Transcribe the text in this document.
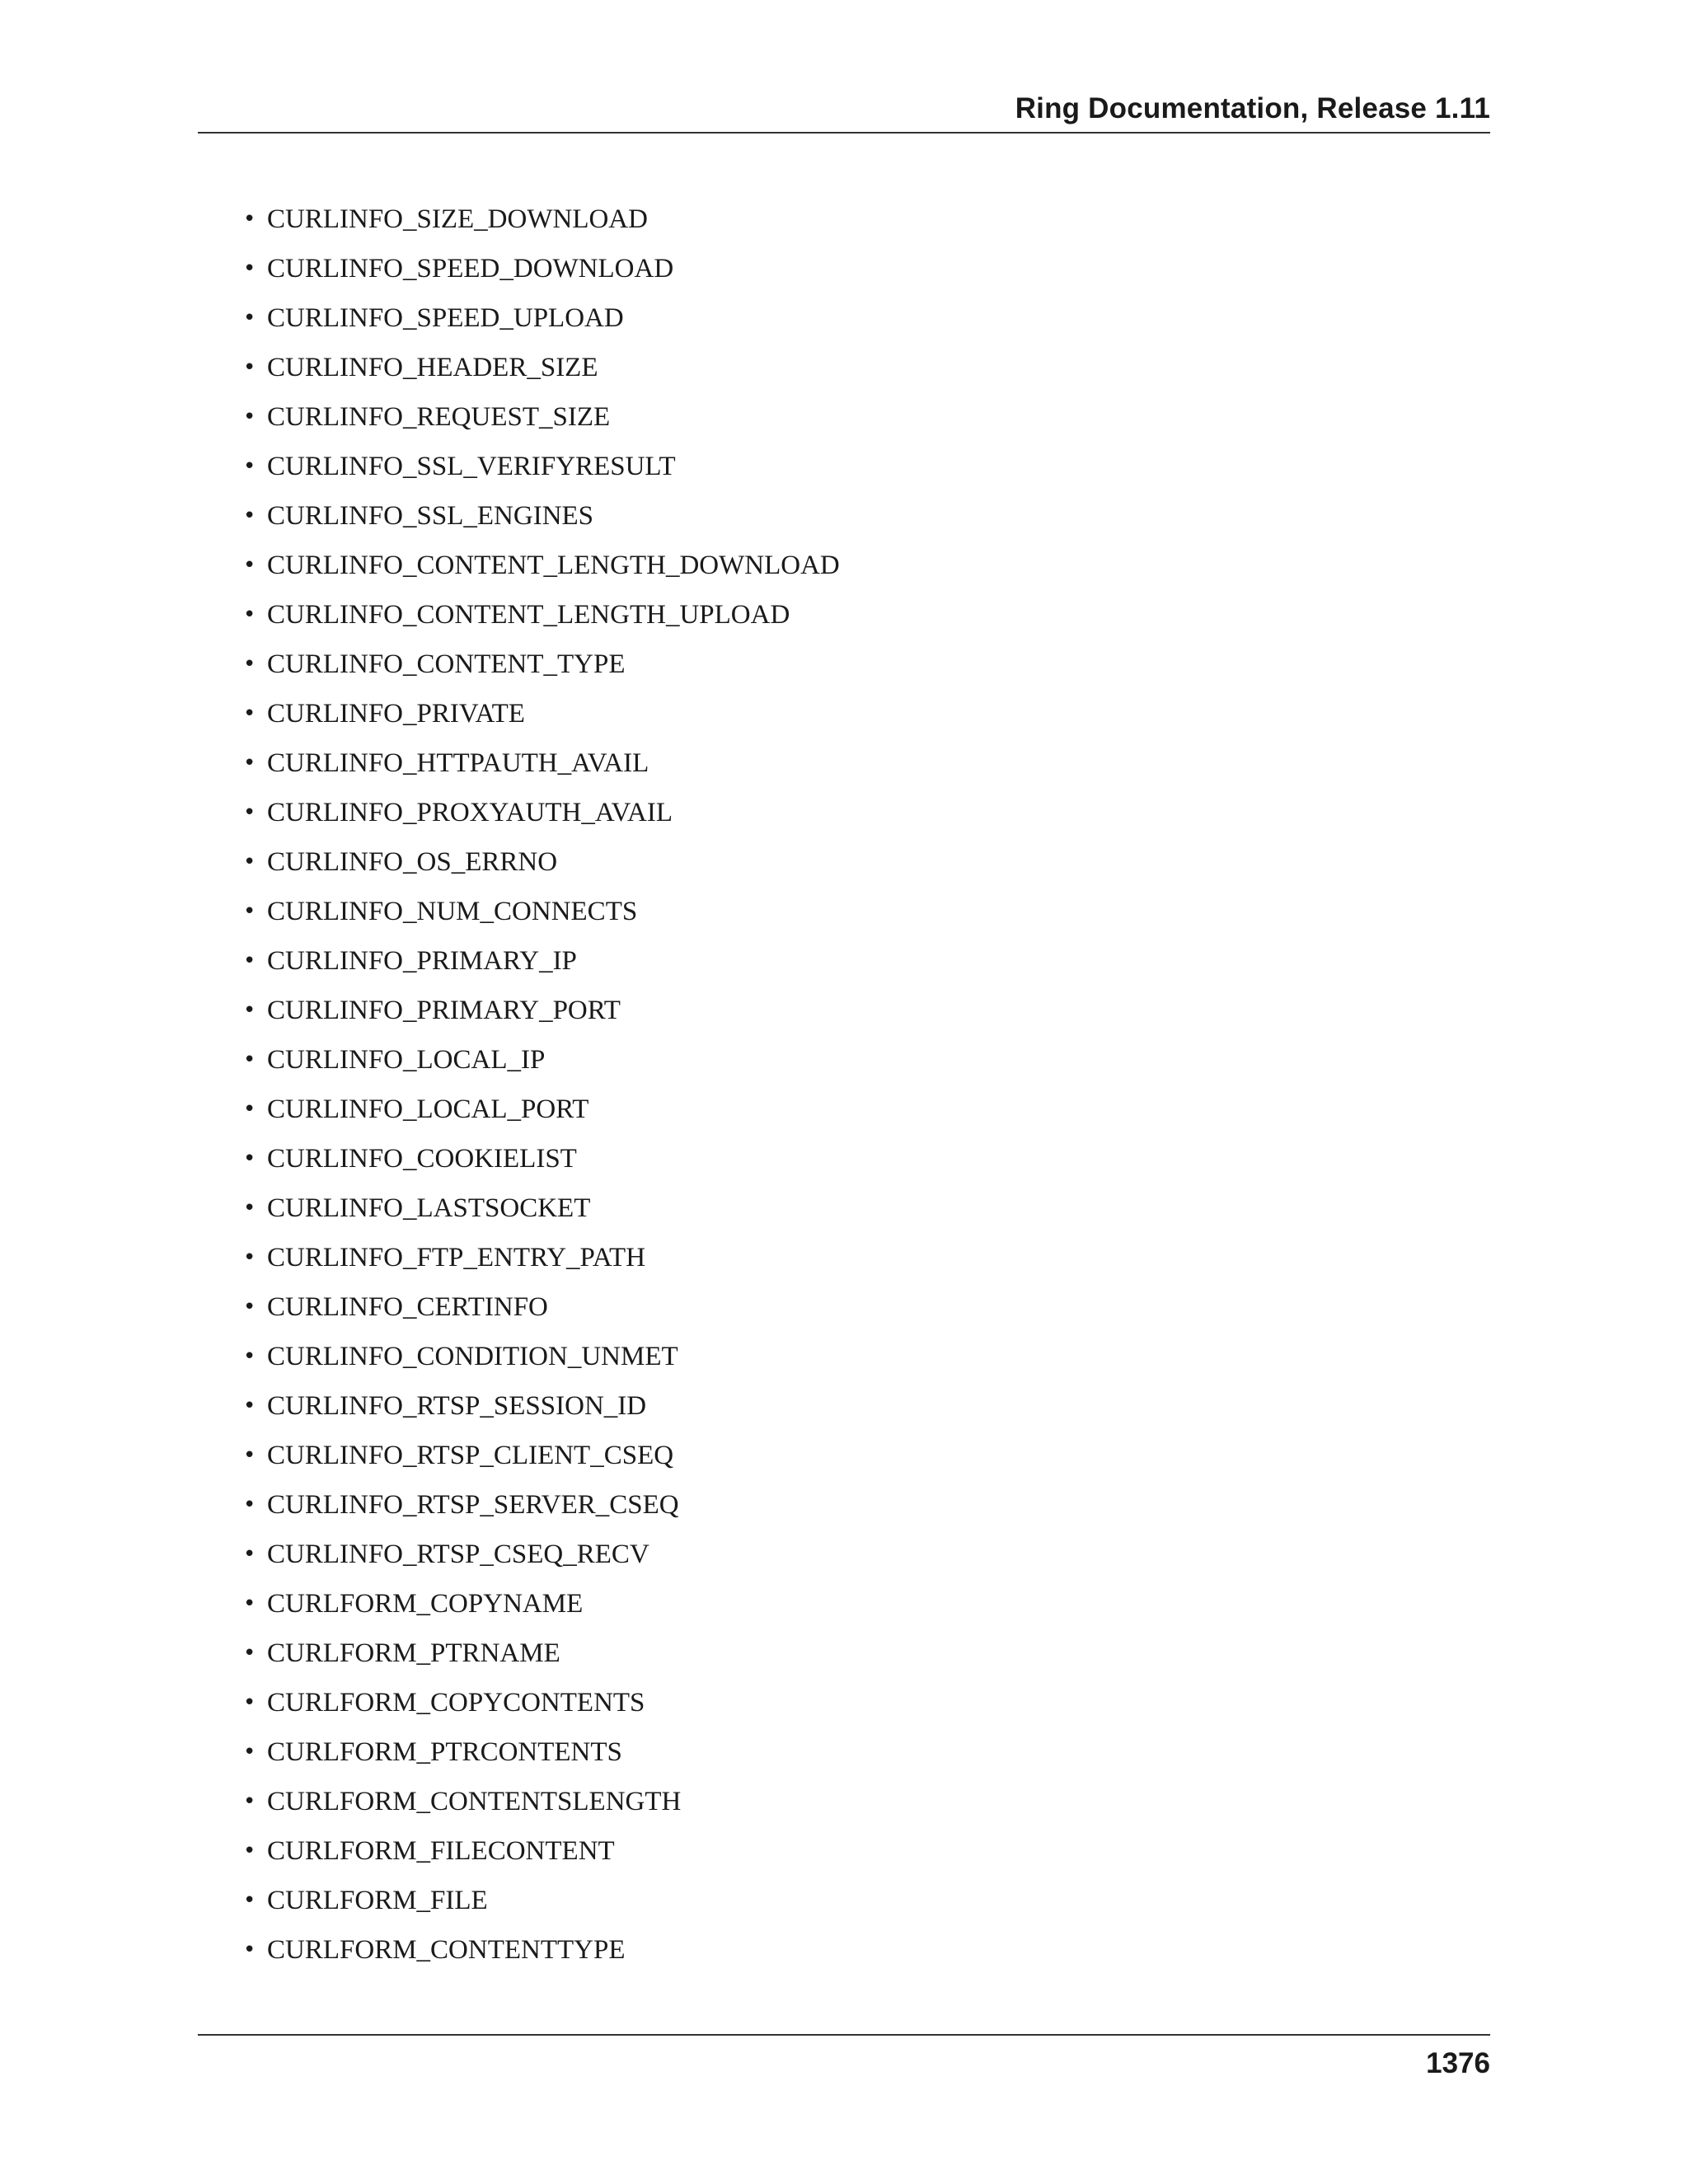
Ring Documentation, Release 1.11
• CURLINFO_SIZE_DOWNLOAD
• CURLINFO_SPEED_DOWNLOAD
• CURLINFO_SPEED_UPLOAD
• CURLINFO_HEADER_SIZE
• CURLINFO_REQUEST_SIZE
• CURLINFO_SSL_VERIFYRESULT
• CURLINFO_SSL_ENGINES
• CURLINFO_CONTENT_LENGTH_DOWNLOAD
• CURLINFO_CONTENT_LENGTH_UPLOAD
• CURLINFO_CONTENT_TYPE
• CURLINFO_PRIVATE
• CURLINFO_HTTPAUTH_AVAIL
• CURLINFO_PROXYAUTH_AVAIL
• CURLINFO_OS_ERRNO
• CURLINFO_NUM_CONNECTS
• CURLINFO_PRIMARY_IP
• CURLINFO_PRIMARY_PORT
• CURLINFO_LOCAL_IP
• CURLINFO_LOCAL_PORT
• CURLINFO_COOKIELIST
• CURLINFO_LASTSOCKET
• CURLINFO_FTP_ENTRY_PATH
• CURLINFO_CERTINFO
• CURLINFO_CONDITION_UNMET
• CURLINFO_RTSP_SESSION_ID
• CURLINFO_RTSP_CLIENT_CSEQ
• CURLINFO_RTSP_SERVER_CSEQ
• CURLINFO_RTSP_CSEQ_RECV
• CURLFORM_COPYNAME
• CURLFORM_PTRNAME
• CURLFORM_COPYCONTENTS
• CURLFORM_PTRCONTENTS
• CURLFORM_CONTENTSLENGTH
• CURLFORM_FILECONTENT
• CURLFORM_FILE
• CURLFORM_CONTENTTYPE
1376
